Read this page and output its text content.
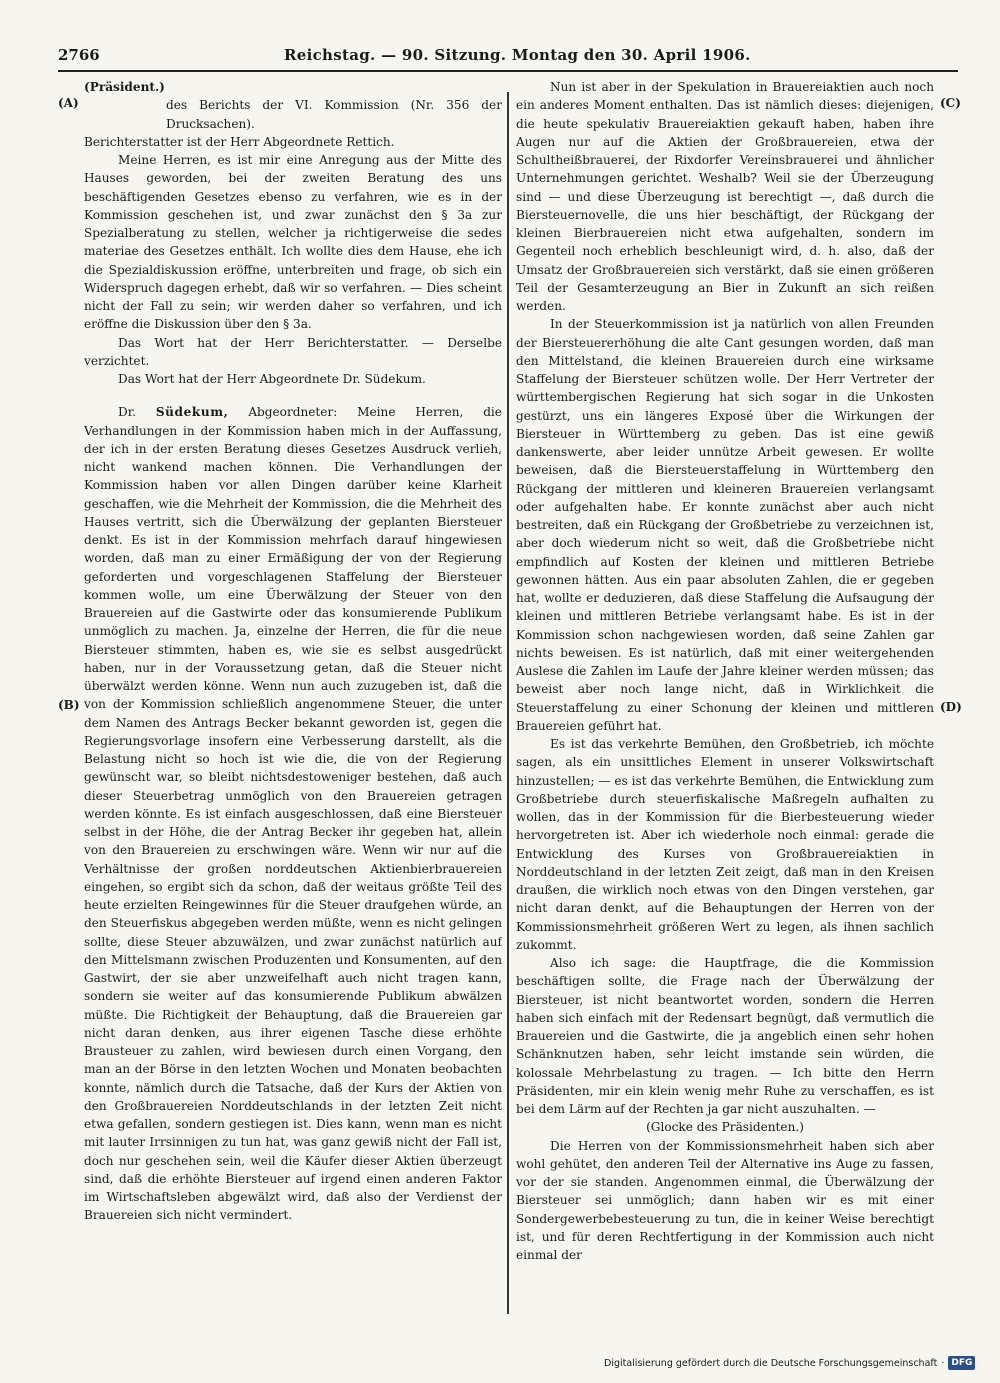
2766	Reichstag. — 90. Sitzung. Montag den 30. April 1906.
(A)
(B)
(C)
(D)

(Präsident.)

des Berichts der VI. Kommission (Nr. 356 der Drucksachen).

Berichterstatter ist der Herr Abgeordnete Rettich.

Meine Herren, es ist mir eine Anregung aus der Mitte des Hauses geworden, bei der zweiten Beratung des uns beschäftigenden Gesetzes ebenso zu verfahren, wie es in der Kommission geschehen ist, und zwar zunächst den § 3a zur Spezialberatung zu stellen, welcher ja richtigerweise die sedes materiae des Gesetzes enthält. Ich wollte dies dem Hause, ehe ich die Spezialdiskussion eröffne, unterbreiten und frage, ob sich ein Widerspruch dagegen erhebt, daß wir so verfahren. — Dies scheint nicht der Fall zu sein; wir werden daher so verfahren, und ich eröffne die Diskussion über den § 3a.

Das Wort hat der Herr Berichterstatter. — Derselbe verzichtet.

Das Wort hat der Herr Abgeordnete Dr. Südekum.

Dr. Südekum, Abgeordneter: Meine Herren, die Verhandlungen in der Kommission haben mich in der Auffassung, der ich in der ersten Beratung dieses Gesetzes Ausdruck verlieh, nicht wankend machen können. Die Verhandlungen der Kommission haben vor allen Dingen darüber keine Klarheit geschaffen, wie die Mehrheit der Kommission, die die Mehrheit des Hauses vertritt, sich die Überwälzung der geplanten Biersteuer denkt. Es ist in der Kommission mehrfach darauf hingewiesen worden, daß man zu einer Ermäßigung der von der Regierung geforderten und vorgeschlagenen Staffelung der Biersteuer kommen wolle, um eine Überwälzung der Steuer von den Brauereien auf die Gastwirte oder das konsumierende Publikum unmöglich zu machen. Ja, einzelne der Herren, die für die neue Biersteuer stimmten, haben es, wie sie es selbst ausgedrückt haben, nur in der Voraussetzung getan, daß die Steuer nicht überwälzt werden könne. Wenn nun auch zuzugeben ist, daß die von der Kommission schließlich angenommene Steuer, die unter dem Namen des Antrags Becker bekannt geworden ist, gegen die Regierungsvorlage insofern eine Verbesserung darstellt, als die Belastung nicht so hoch ist wie die, die von der Regierung gewünscht war, so bleibt nichtsdestoweniger bestehen, daß auch dieser Steuerbetrag unmöglich von den Brauereien getragen werden könnte. Es ist einfach ausgeschlossen, daß eine Biersteuer selbst in der Höhe, die der Antrag Becker ihr gegeben hat, allein von den Brauereien zu erschwingen wäre. Wenn wir nur auf die Verhältnisse der großen norddeutschen Aktienbierbrauereien eingehen, so ergibt sich da schon, daß der weitaus größte Teil des heute erzielten Reingewinnes für die Steuer draufgehen würde, an den Steuerfiskus abgegeben werden müßte, wenn es nicht gelingen sollte, diese Steuer abzuwälzen, und zwar zunächst natürlich auf den Mittelsmann zwischen Produzenten und Konsumenten, auf den Gastwirt, der sie aber unzweifelhaft auch nicht tragen kann, sondern sie weiter auf das konsumierende Publikum abwälzen müßte. Die Richtigkeit der Behauptung, daß die Brauereien gar nicht daran denken, aus ihrer eigenen Tasche diese erhöhte Brausteuer zu zahlen, wird bewiesen durch einen Vorgang, den man an der Börse in den letzten Wochen und Monaten beobachten konnte, nämlich durch die Tatsache, daß der Kurs der Aktien von den Großbrauereien Norddeutschlands in der letzten Zeit nicht etwa gefallen, sondern gestiegen ist. Dies kann, wenn man es nicht mit lauter Irrsinnigen zu tun hat, was ganz gewiß nicht der Fall ist, doch nur geschehen sein, weil die Käufer dieser Aktien überzeugt sind, daß die erhöhte Biersteuer auf irgend einen anderen Faktor im Wirtschaftsleben abgewälzt wird, daß also der Verdienst der Brauereien sich nicht vermindert.

Nun ist aber in der Spekulation in Brauereiaktien auch noch ein anderes Moment enthalten. Das ist nämlich dieses: diejenigen, die heute spekulativ Brauereiaktien gekauft haben, haben ihre Augen nur auf die Aktien der Großbrauereien, etwa der Schultheißbrauerei, der Rixdorfer Vereinsbrauerei und ähnlicher Unternehmungen gerichtet. Weshalb? Weil sie der Überzeugung sind — und diese Überzeugung ist berechtigt —, daß durch die Biersteuernovelle, die uns hier beschäftigt, der Rückgang der kleinen Bierbrauereien nicht etwa aufgehalten, sondern im Gegenteil noch erheblich beschleunigt wird, d. h. also, daß der Umsatz der Großbrauereien sich verstärkt, daß sie einen größeren Teil der Gesamterzeugung an Bier in Zukunft an sich reißen werden.

In der Steuerkommission ist ja natürlich von allen Freunden der Biersteuererhöhung die alte Cant gesungen worden, daß man den Mittelstand, die kleinen Brauereien durch eine wirksame Staffelung der Biersteuer schützen wolle. Der Herr Vertreter der württembergischen Regierung hat sich sogar in die Unkosten gestürzt, uns ein längeres Exposé über die Wirkungen der Biersteuer in Württemberg zu geben. Das ist eine gewiß dankenswerte, aber leider unnütze Arbeit gewesen. Er wollte beweisen, daß die Biersteuerstaffelung in Württemberg den Rückgang der mittleren und kleineren Brauereien verlangsamt oder aufgehalten habe. Er konnte zunächst aber auch nicht bestreiten, daß ein Rückgang der Großbetriebe zu verzeichnen ist, aber doch wiederum nicht so weit, daß die Großbetriebe nicht empfindlich auf Kosten der kleinen und mittleren Betriebe gewonnen hätten. Aus ein paar absoluten Zahlen, die er gegeben hat, wollte er deduzieren, daß diese Staffelung die Aufsaugung der kleinen und mittleren Betriebe verlangsamt habe. Es ist in der Kommission schon nachgewiesen worden, daß seine Zahlen gar nichts beweisen. Es ist natürlich, daß mit einer weitergehenden Auslese die Zahlen im Laufe der Jahre kleiner werden müssen; das beweist aber noch lange nicht, daß in Wirklichkeit die Steuerstaffelung zu einer Schonung der kleinen und mittleren Brauereien geführt hat.

Es ist das verkehrte Bemühen, den Großbetrieb, ich möchte sagen, als ein unsittliches Element in unserer Volkswirtschaft hinzustellen; — es ist das verkehrte Bemühen, die Entwicklung zum Großbetriebe durch steuerfiskalische Maßregeln aufhalten zu wollen, das in der Kommission für die Bierbesteuerung wieder hervorgetreten ist. Aber ich wiederhole noch einmal: gerade die Entwicklung des Kurses von Großbrauereiaktien in Norddeutschland in der letzten Zeit zeigt, daß man in den Kreisen draußen, die wirklich noch etwas von den Dingen verstehen, gar nicht daran denkt, auf die Behauptungen der Herren von der Kommissionsmehrheit größeren Wert zu legen, als ihnen sachlich zukommt.

Also ich sage: die Hauptfrage, die die Kommission beschäftigen sollte, die Frage nach der Überwälzung der Biersteuer, ist nicht beantwortet worden, sondern die Herren haben sich einfach mit der Redensart begnügt, daß vermutlich die Brauereien und die Gastwirte, die ja angeblich einen sehr hohen Schänknutzen haben, sehr leicht imstande sein würden, die kolossale Mehrbelastung zu tragen. — Ich bitte den Herrn Präsidenten, mir ein klein wenig mehr Ruhe zu verschaffen, es ist bei dem Lärm auf der Rechten ja gar nicht auszuhalten. —

(Glocke des Präsidenten.)

Die Herren von der Kommissionsmehrheit haben sich aber wohl gehütet, den anderen Teil der Alternative ins Auge zu fassen, vor der sie standen. Angenommen einmal, die Überwälzung der Biersteuer sei unmöglich; dann haben wir es mit einer Sondergewerbebesteuerung zu tun, die in keiner Weise berechtigt ist, und für deren Rechtfertigung in der Kommission auch nicht einmal der

Digitalisierung gefördert durch die Deutsche Forschungsgemeinschaft · DFG
